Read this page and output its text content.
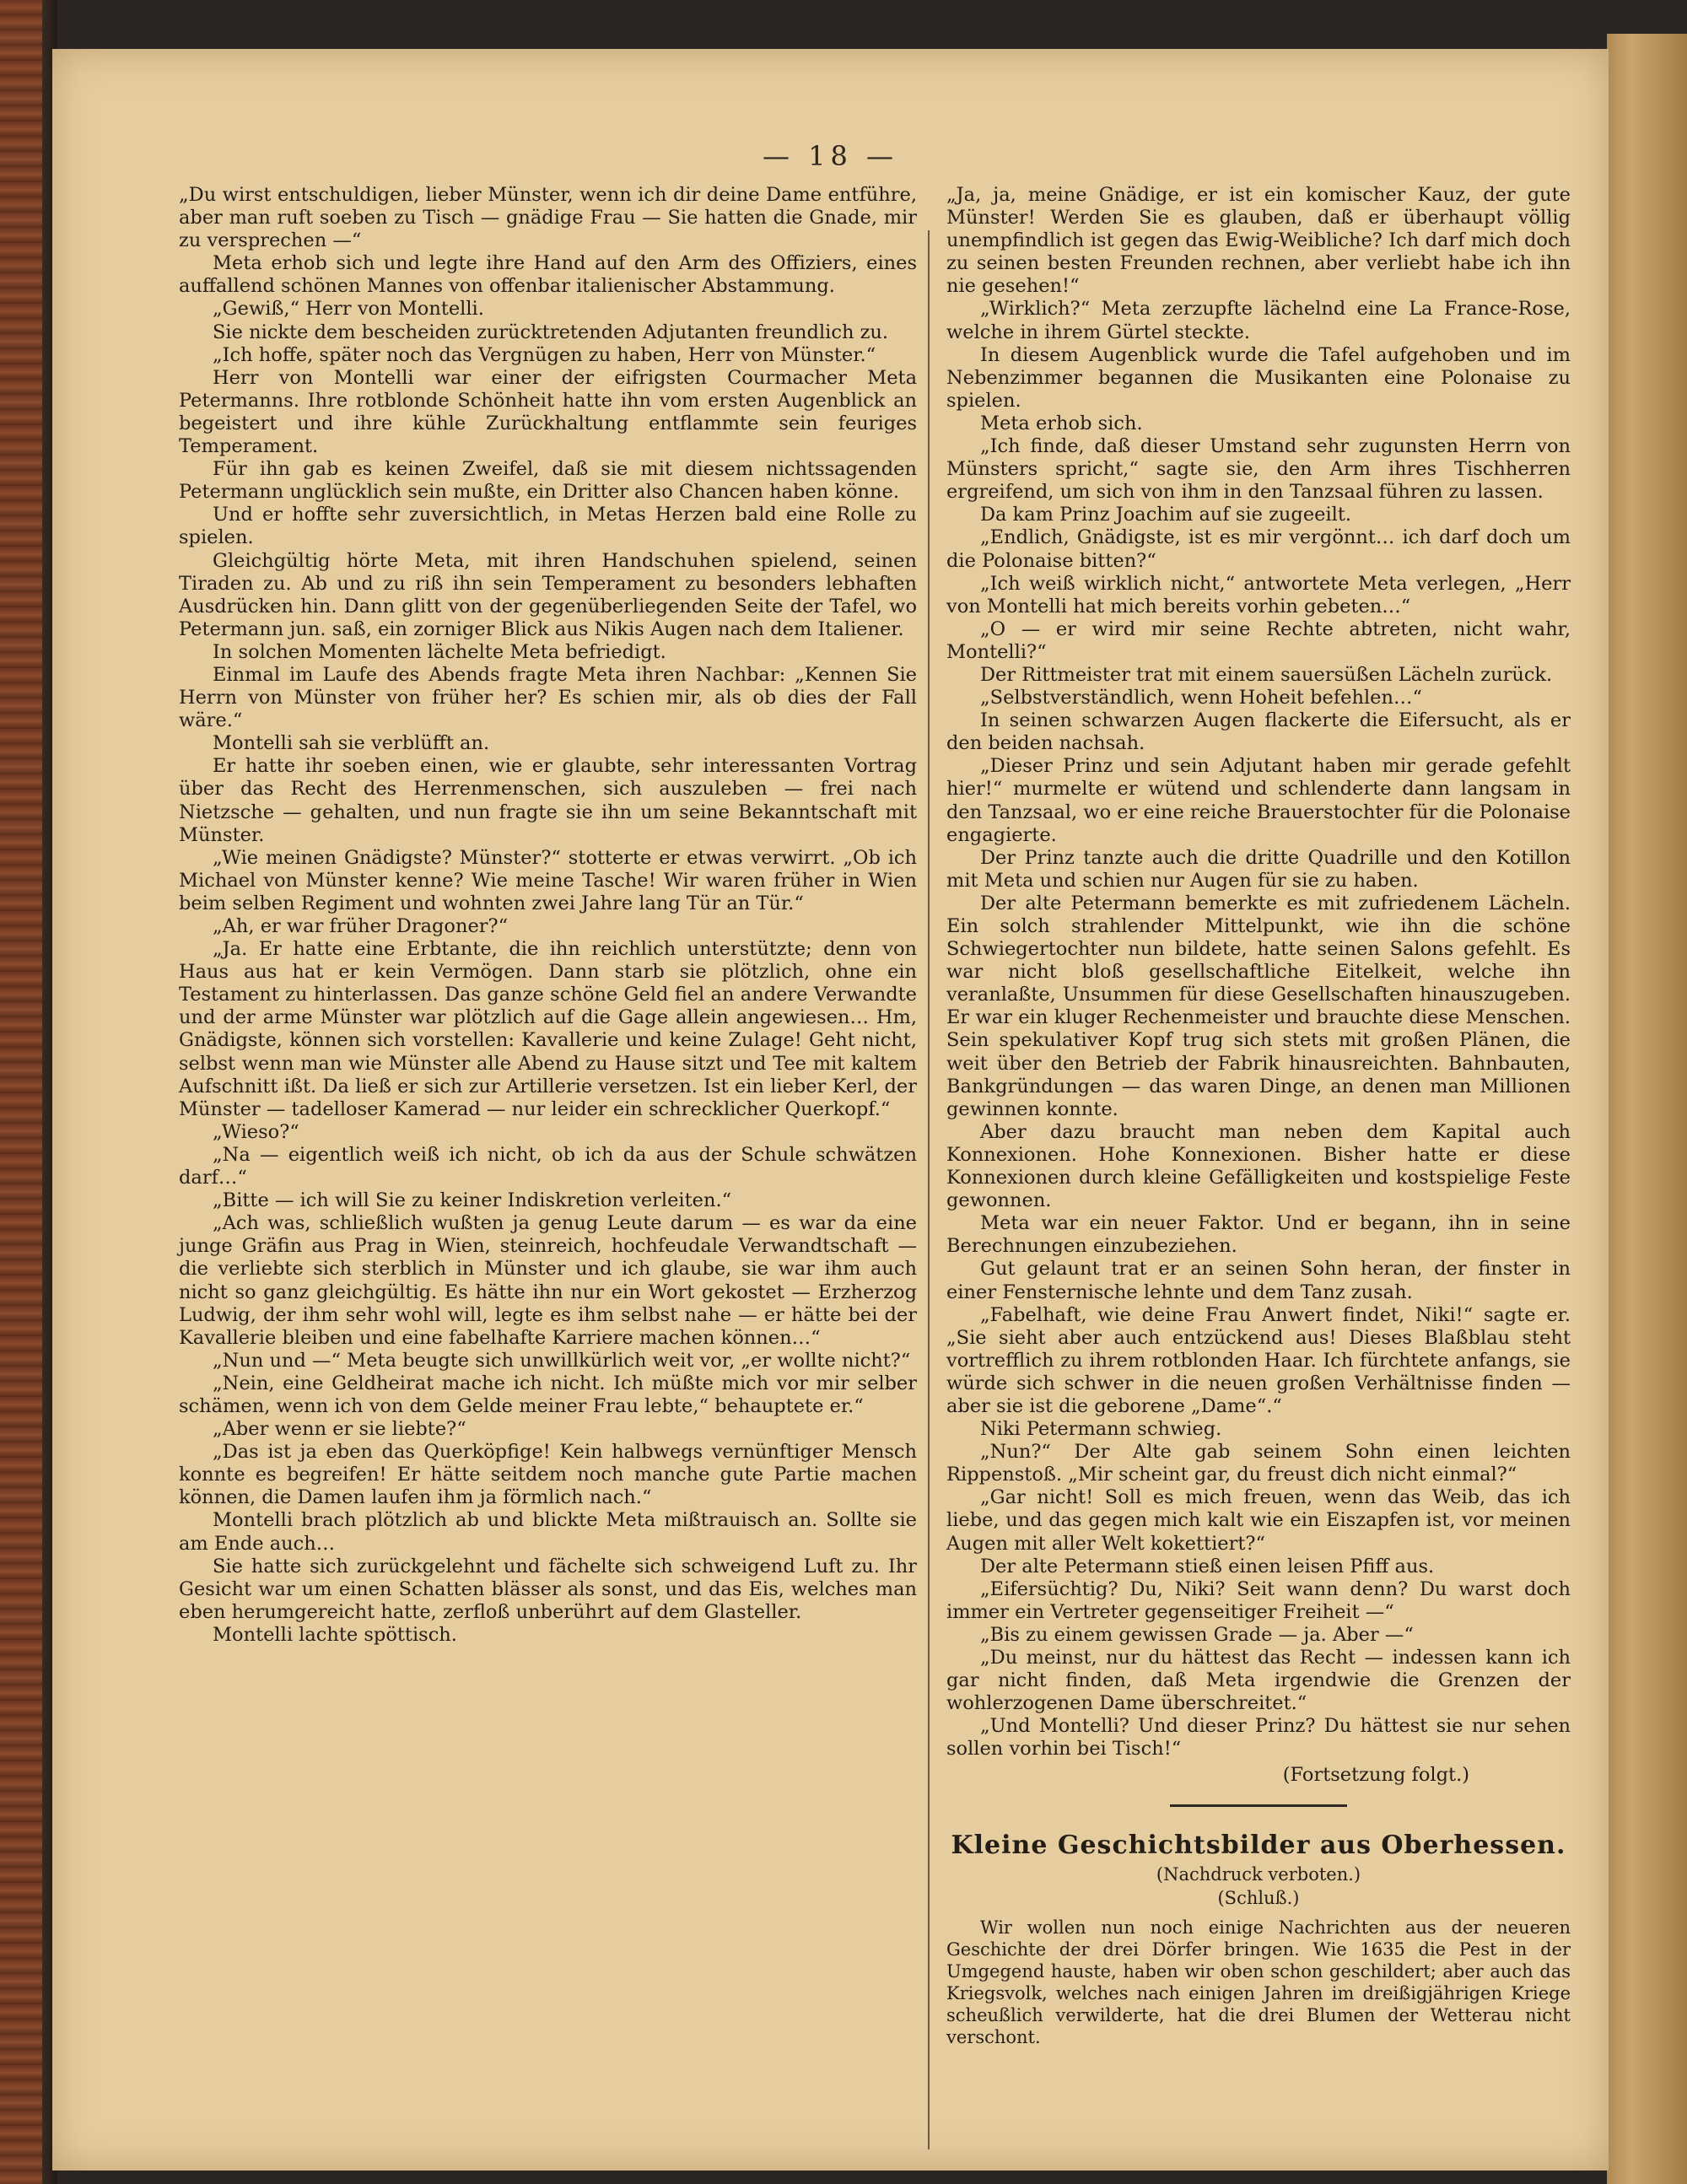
— 18 —

„Du wirst entschuldigen, lieber Münster, wenn ich dir deine Dame entführe, aber man ruft soeben zu Tisch — gnädige Frau — Sie hatten die Gnade, mir zu versprechen —“

Meta erhob sich und legte ihre Hand auf den Arm des Offiziers, eines auffallend schönen Mannes von offenbar italienischer Abstammung.

„Gewiß,“ Herr von Montelli.

Sie nickte dem bescheiden zurücktretenden Adjutanten freundlich zu.

„Ich hoffe, später noch das Vergnügen zu haben, Herr von Münster.“

Herr von Montelli war einer der eifrigsten Courmacher Meta Petermanns. Ihre rotblonde Schönheit hatte ihn vom ersten Augenblick an begeistert und ihre kühle Zurückhaltung entflammte sein feuriges Temperament.

Für ihn gab es keinen Zweifel, daß sie mit diesem nichtssagenden Petermann unglücklich sein mußte, ein Dritter also Chancen haben könne.

Und er hoffte sehr zuversichtlich, in Metas Herzen bald eine Rolle zu spielen.

Gleichgültig hörte Meta, mit ihren Handschuhen spielend, seinen Tiraden zu. Ab und zu riß ihn sein Temperament zu besonders lebhaften Ausdrücken hin. Dann glitt von der gegenüberliegenden Seite der Tafel, wo Petermann jun. saß, ein zorniger Blick aus Nikis Augen nach dem Italiener.

In solchen Momenten lächelte Meta befriedigt.

Einmal im Laufe des Abends fragte Meta ihren Nachbar: „Kennen Sie Herrn von Münster von früher her? Es schien mir, als ob dies der Fall wäre.“

Montelli sah sie verblüfft an.

Er hatte ihr soeben einen, wie er glaubte, sehr interessanten Vortrag über das Recht des Herrenmenschen, sich auszuleben — frei nach Nietzsche — gehalten, und nun fragte sie ihn um seine Bekanntschaft mit Münster.

„Wie meinen Gnädigste? Münster?“ stotterte er etwas verwirrt. „Ob ich Michael von Münster kenne? Wie meine Tasche! Wir waren früher in Wien beim selben Regiment und wohnten zwei Jahre lang Tür an Tür.“

„Ah, er war früher Dragoner?“

„Ja. Er hatte eine Erbtante, die ihn reichlich unterstützte; denn von Haus aus hat er kein Vermögen. Dann starb sie plötzlich, ohne ein Testament zu hinterlassen. Das ganze schöne Geld fiel an andere Verwandte und der arme Münster war plötzlich auf die Gage allein angewiesen… Hm, Gnädigste, können sich vorstellen: Kavallerie und keine Zulage! Geht nicht, selbst wenn man wie Münster alle Abend zu Hause sitzt und Tee mit kaltem Aufschnitt ißt. Da ließ er sich zur Artillerie versetzen. Ist ein lieber Kerl, der Münster — tadelloser Kamerad — nur leider ein schrecklicher Querkopf.“

„Wieso?“

„Na — eigentlich weiß ich nicht, ob ich da aus der Schule schwätzen darf…“

„Bitte — ich will Sie zu keiner Indiskretion verleiten.“

„Ach was, schließlich wußten ja genug Leute darum — es war da eine junge Gräfin aus Prag in Wien, steinreich, hochfeudale Verwandtschaft — die verliebte sich sterblich in Münster und ich glaube, sie war ihm auch nicht so ganz gleichgültig. Es hätte ihn nur ein Wort gekostet — Erzherzog Ludwig, der ihm sehr wohl will, legte es ihm selbst nahe — er hätte bei der Kavallerie bleiben und eine fabelhafte Karriere machen können…“

„Nun und —“ Meta beugte sich unwillkürlich weit vor, „er wollte nicht?“

„Nein, eine Geldheirat mache ich nicht. Ich müßte mich vor mir selber schämen, wenn ich von dem Gelde meiner Frau lebte,“ behauptete er.“

„Aber wenn er sie liebte?“

„Das ist ja eben das Querköpfige! Kein halbwegs vernünftiger Mensch konnte es begreifen! Er hätte seitdem noch manche gute Partie machen können, die Damen laufen ihm ja förmlich nach.“

Montelli brach plötzlich ab und blickte Meta mißtrauisch an. Sollte sie am Ende auch…

Sie hatte sich zurückgelehnt und fächelte sich schweigend Luft zu. Ihr Gesicht war um einen Schatten blässer als sonst, und das Eis, welches man eben herumgereicht hatte, zerfloß unberührt auf dem Glasteller.

Montelli lachte spöttisch.

„Ja, ja, meine Gnädige, er ist ein komischer Kauz, der gute Münster! Werden Sie es glauben, daß er überhaupt völlig unempfindlich ist gegen das Ewig-Weibliche? Ich darf mich doch zu seinen besten Freunden rechnen, aber verliebt habe ich ihn nie gesehen!“

„Wirklich?“ Meta zerzupfte lächelnd eine La France-Rose, welche in ihrem Gürtel steckte.

In diesem Augenblick wurde die Tafel aufgehoben und im Nebenzimmer begannen die Musikanten eine Polonaise zu spielen.

Meta erhob sich.

„Ich finde, daß dieser Umstand sehr zugunsten Herrn von Münsters spricht,“ sagte sie, den Arm ihres Tischherren ergreifend, um sich von ihm in den Tanzsaal führen zu lassen.

Da kam Prinz Joachim auf sie zugeeilt.

„Endlich, Gnädigste, ist es mir vergönnt… ich darf doch um die Polonaise bitten?“

„Ich weiß wirklich nicht,“ antwortete Meta verlegen, „Herr von Montelli hat mich bereits vorhin gebeten…“

„O — er wird mir seine Rechte abtreten, nicht wahr, Montelli?“

Der Rittmeister trat mit einem sauersüßen Lächeln zurück.

„Selbstverständlich, wenn Hoheit befehlen…“

In seinen schwarzen Augen flackerte die Eifersucht, als er den beiden nachsah.

„Dieser Prinz und sein Adjutant haben mir gerade gefehlt hier!“ murmelte er wütend und schlenderte dann langsam in den Tanzsaal, wo er eine reiche Brauerstochter für die Polonaise engagierte.

Der Prinz tanzte auch die dritte Quadrille und den Kotillon mit Meta und schien nur Augen für sie zu haben.

Der alte Petermann bemerkte es mit zufriedenem Lächeln. Ein solch strahlender Mittelpunkt, wie ihn die schöne Schwiegertochter nun bildete, hatte seinen Salons gefehlt. Es war nicht bloß gesellschaftliche Eitelkeit, welche ihn veranlaßte, Unsummen für diese Gesellschaften hinauszugeben. Er war ein kluger Rechenmeister und brauchte diese Menschen. Sein spekulativer Kopf trug sich stets mit großen Plänen, die weit über den Betrieb der Fabrik hinausreichten. Bahnbauten, Bankgründungen — das waren Dinge, an denen man Millionen gewinnen konnte.

Aber dazu braucht man neben dem Kapital auch Konnexionen. Hohe Konnexionen. Bisher hatte er diese Konnexionen durch kleine Gefälligkeiten und kostspielige Feste gewonnen.

Meta war ein neuer Faktor. Und er begann, ihn in seine Berechnungen einzubeziehen.

Gut gelaunt trat er an seinen Sohn heran, der finster in einer Fensternische lehnte und dem Tanz zusah.

„Fabelhaft, wie deine Frau Anwert findet, Niki!“ sagte er. „Sie sieht aber auch entzückend aus! Dieses Blaßblau steht vortrefflich zu ihrem rotblonden Haar. Ich fürchtete anfangs, sie würde sich schwer in die neuen großen Verhältnisse finden — aber sie ist die geborene „Dame“.“

Niki Petermann schwieg.

„Nun?“ Der Alte gab seinem Sohn einen leichten Rippenstoß. „Mir scheint gar, du freust dich nicht einmal?“

„Gar nicht! Soll es mich freuen, wenn das Weib, das ich liebe, und das gegen mich kalt wie ein Eiszapfen ist, vor meinen Augen mit aller Welt kokettiert?“

Der alte Petermann stieß einen leisen Pfiff aus.

„Eifersüchtig? Du, Niki? Seit wann denn? Du warst doch immer ein Vertreter gegenseitiger Freiheit —“

„Bis zu einem gewissen Grade — ja. Aber —“

„Du meinst, nur du hättest das Recht — indessen kann ich gar nicht finden, daß Meta irgendwie die Grenzen der wohlerzogenen Dame überschreitet.“

„Und Montelli? Und dieser Prinz? Du hättest sie nur sehen sollen vorhin bei Tisch!“

(Fortsetzung folgt.)

Kleine Geschichtsbilder aus Oberhessen.

(Nachdruck verboten.)

(Schluß.)

Wir wollen nun noch einige Nachrichten aus der neueren Geschichte der drei Dörfer bringen. Wie 1635 die Pest in der Umgegend hauste, haben wir oben schon geschildert; aber auch das Kriegsvolk, welches nach einigen Jahren im dreißigjährigen Kriege scheußlich verwilderte, hat die drei Blumen der Wetterau nicht verschont.
